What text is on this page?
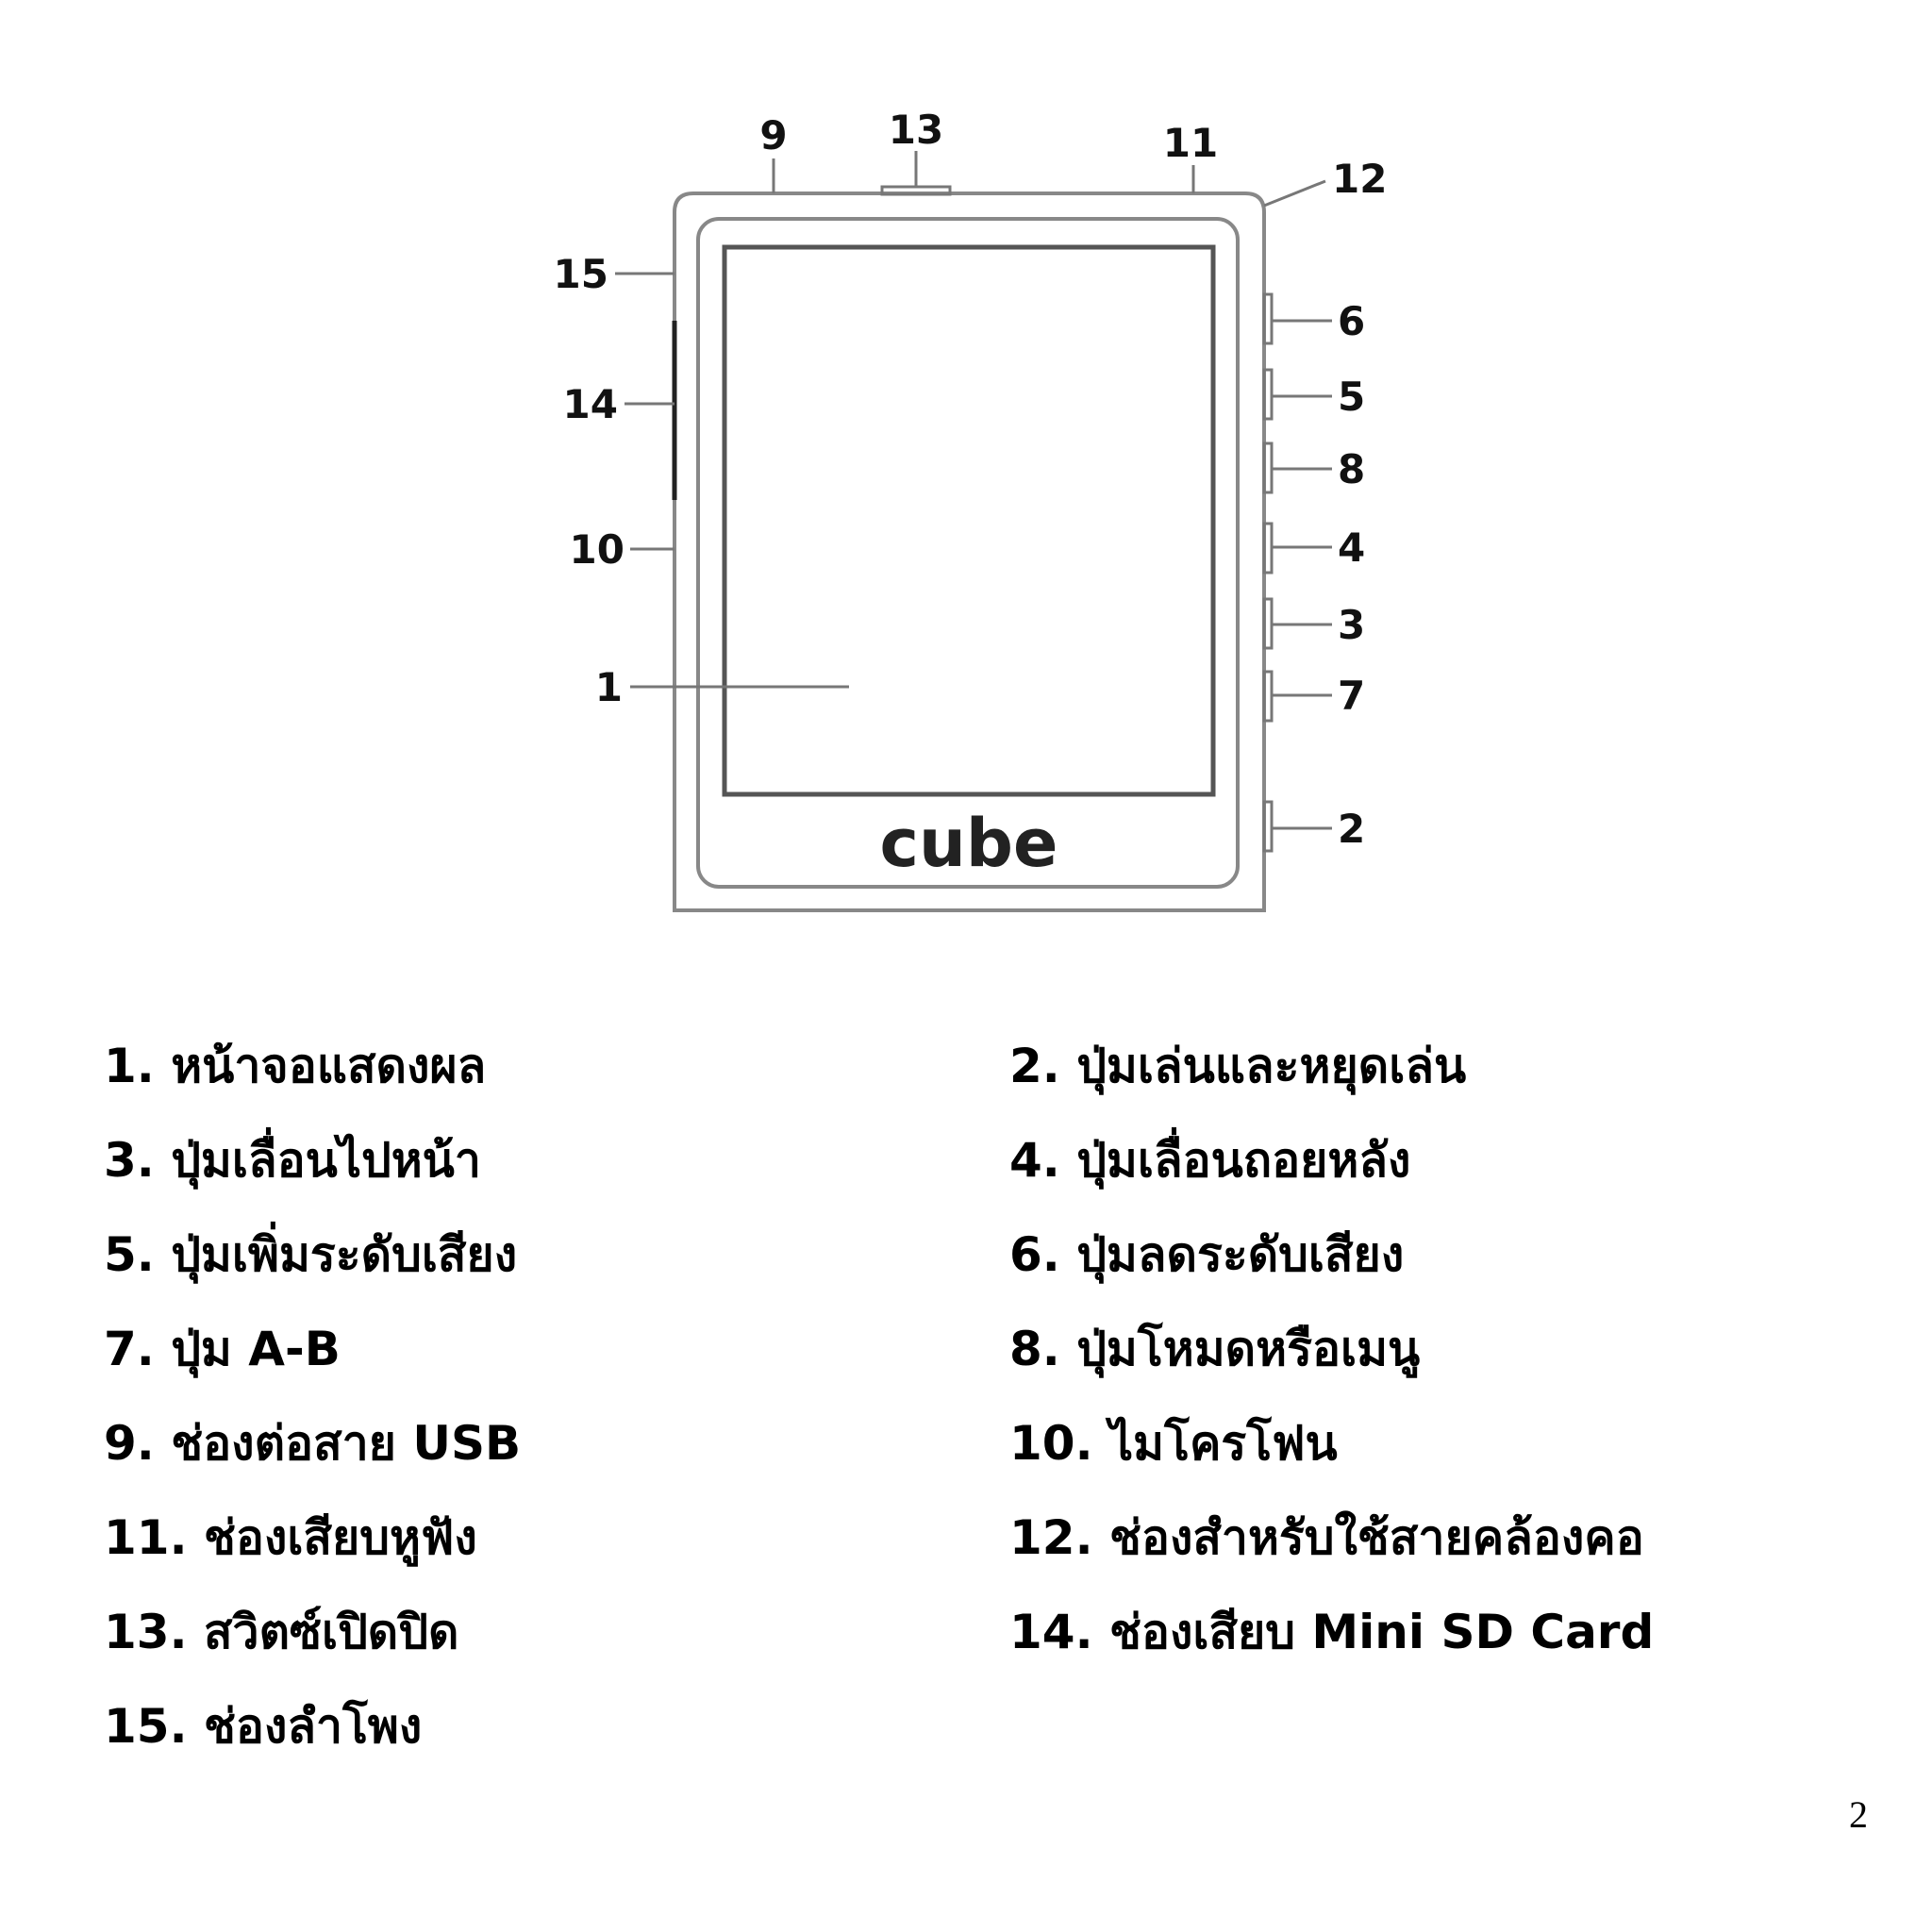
9	13	11
12
15
14
10
1
6
5
8
4
3
7
2
cube
1. หน้าจอแสดงผล	2. ปุ่มเล่นและหยุดเล่น
3. ปุ่มเลื่อนไปหน้า	4. ปุ่มเลื่อนถอยหลัง
5. ปุ่มเพิ่มระดับเสียง	6. ปุ่มลดระดับเสียง
7. ปุ่ม A-B	8. ปุ่มโหมดหรือเมนู
9. ช่องต่อสาย USB	10. ไมโครโฟน
11. ช่องเสียบหูฟัง	12. ช่องสำหรับใช้สายคล้องคอ
13. สวิตซ์เปิดปิด	14. ช่องเสียบ Mini SD Card
15. ช่องลำโพง
2
